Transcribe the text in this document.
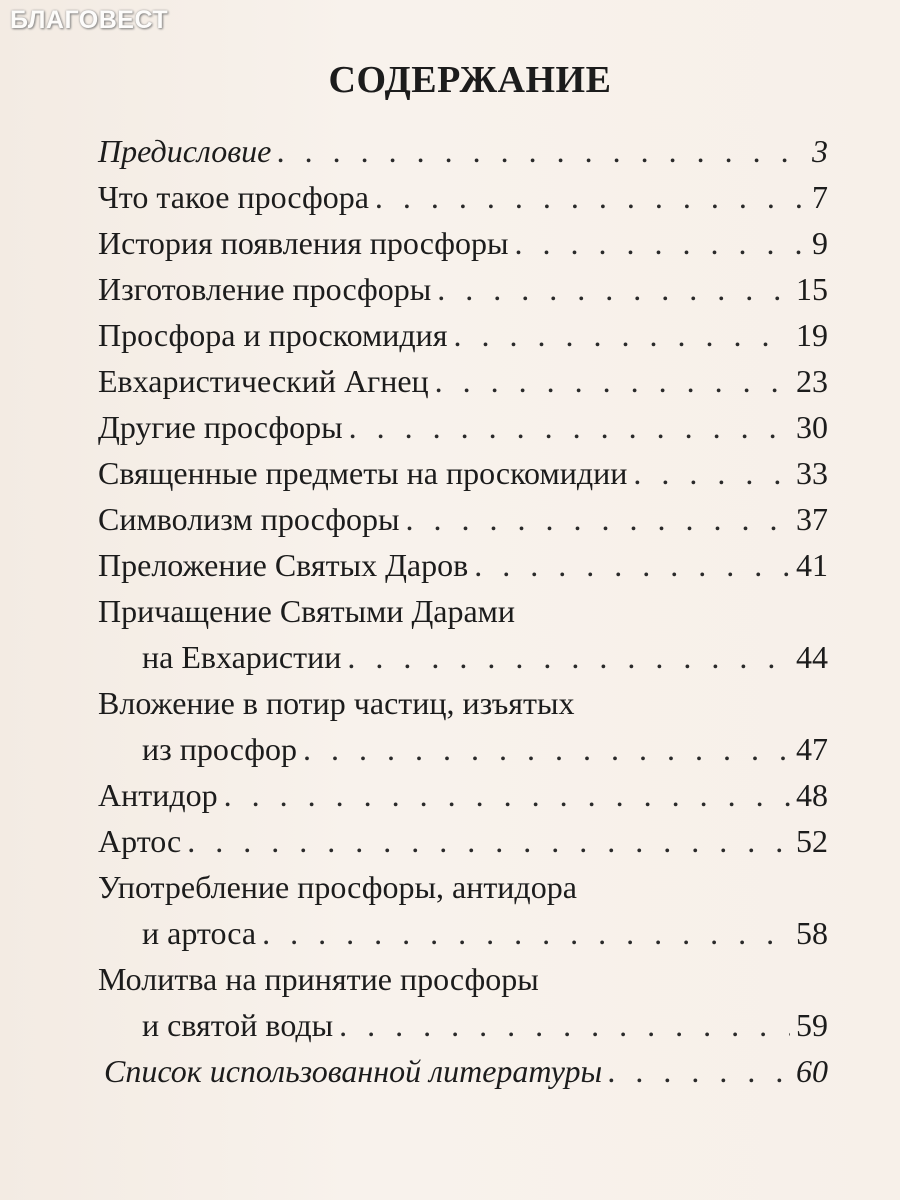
БЛАГОВЕСТ
СОДЕРЖАНИЕ
Предисловие . . .	3
Что такое просфора . . .	7
История появления просфоры . . .	9
Изготовление просфоры . . .	15
Просфора и проскомидия . . .	19
Евхаристический Агнец . . .	23
Другие просфоры . . .	30
Священные предметы на проскомидии . . .	33
Символизм просфоры . . .	37
Преложение Святых Даров . . .	41
Причащение Святыми Дарами
на Евхаристии . . .	44
Вложение в потир частиц, изъятых
из просфор . . .	47
Антидор . . .	48
Артос . . .	52
Употребление просфоры, антидора
и артоса . . .	58
Молитва на принятие просфоры
и святой воды . . .	59
Список использованной литературы . . .	60
